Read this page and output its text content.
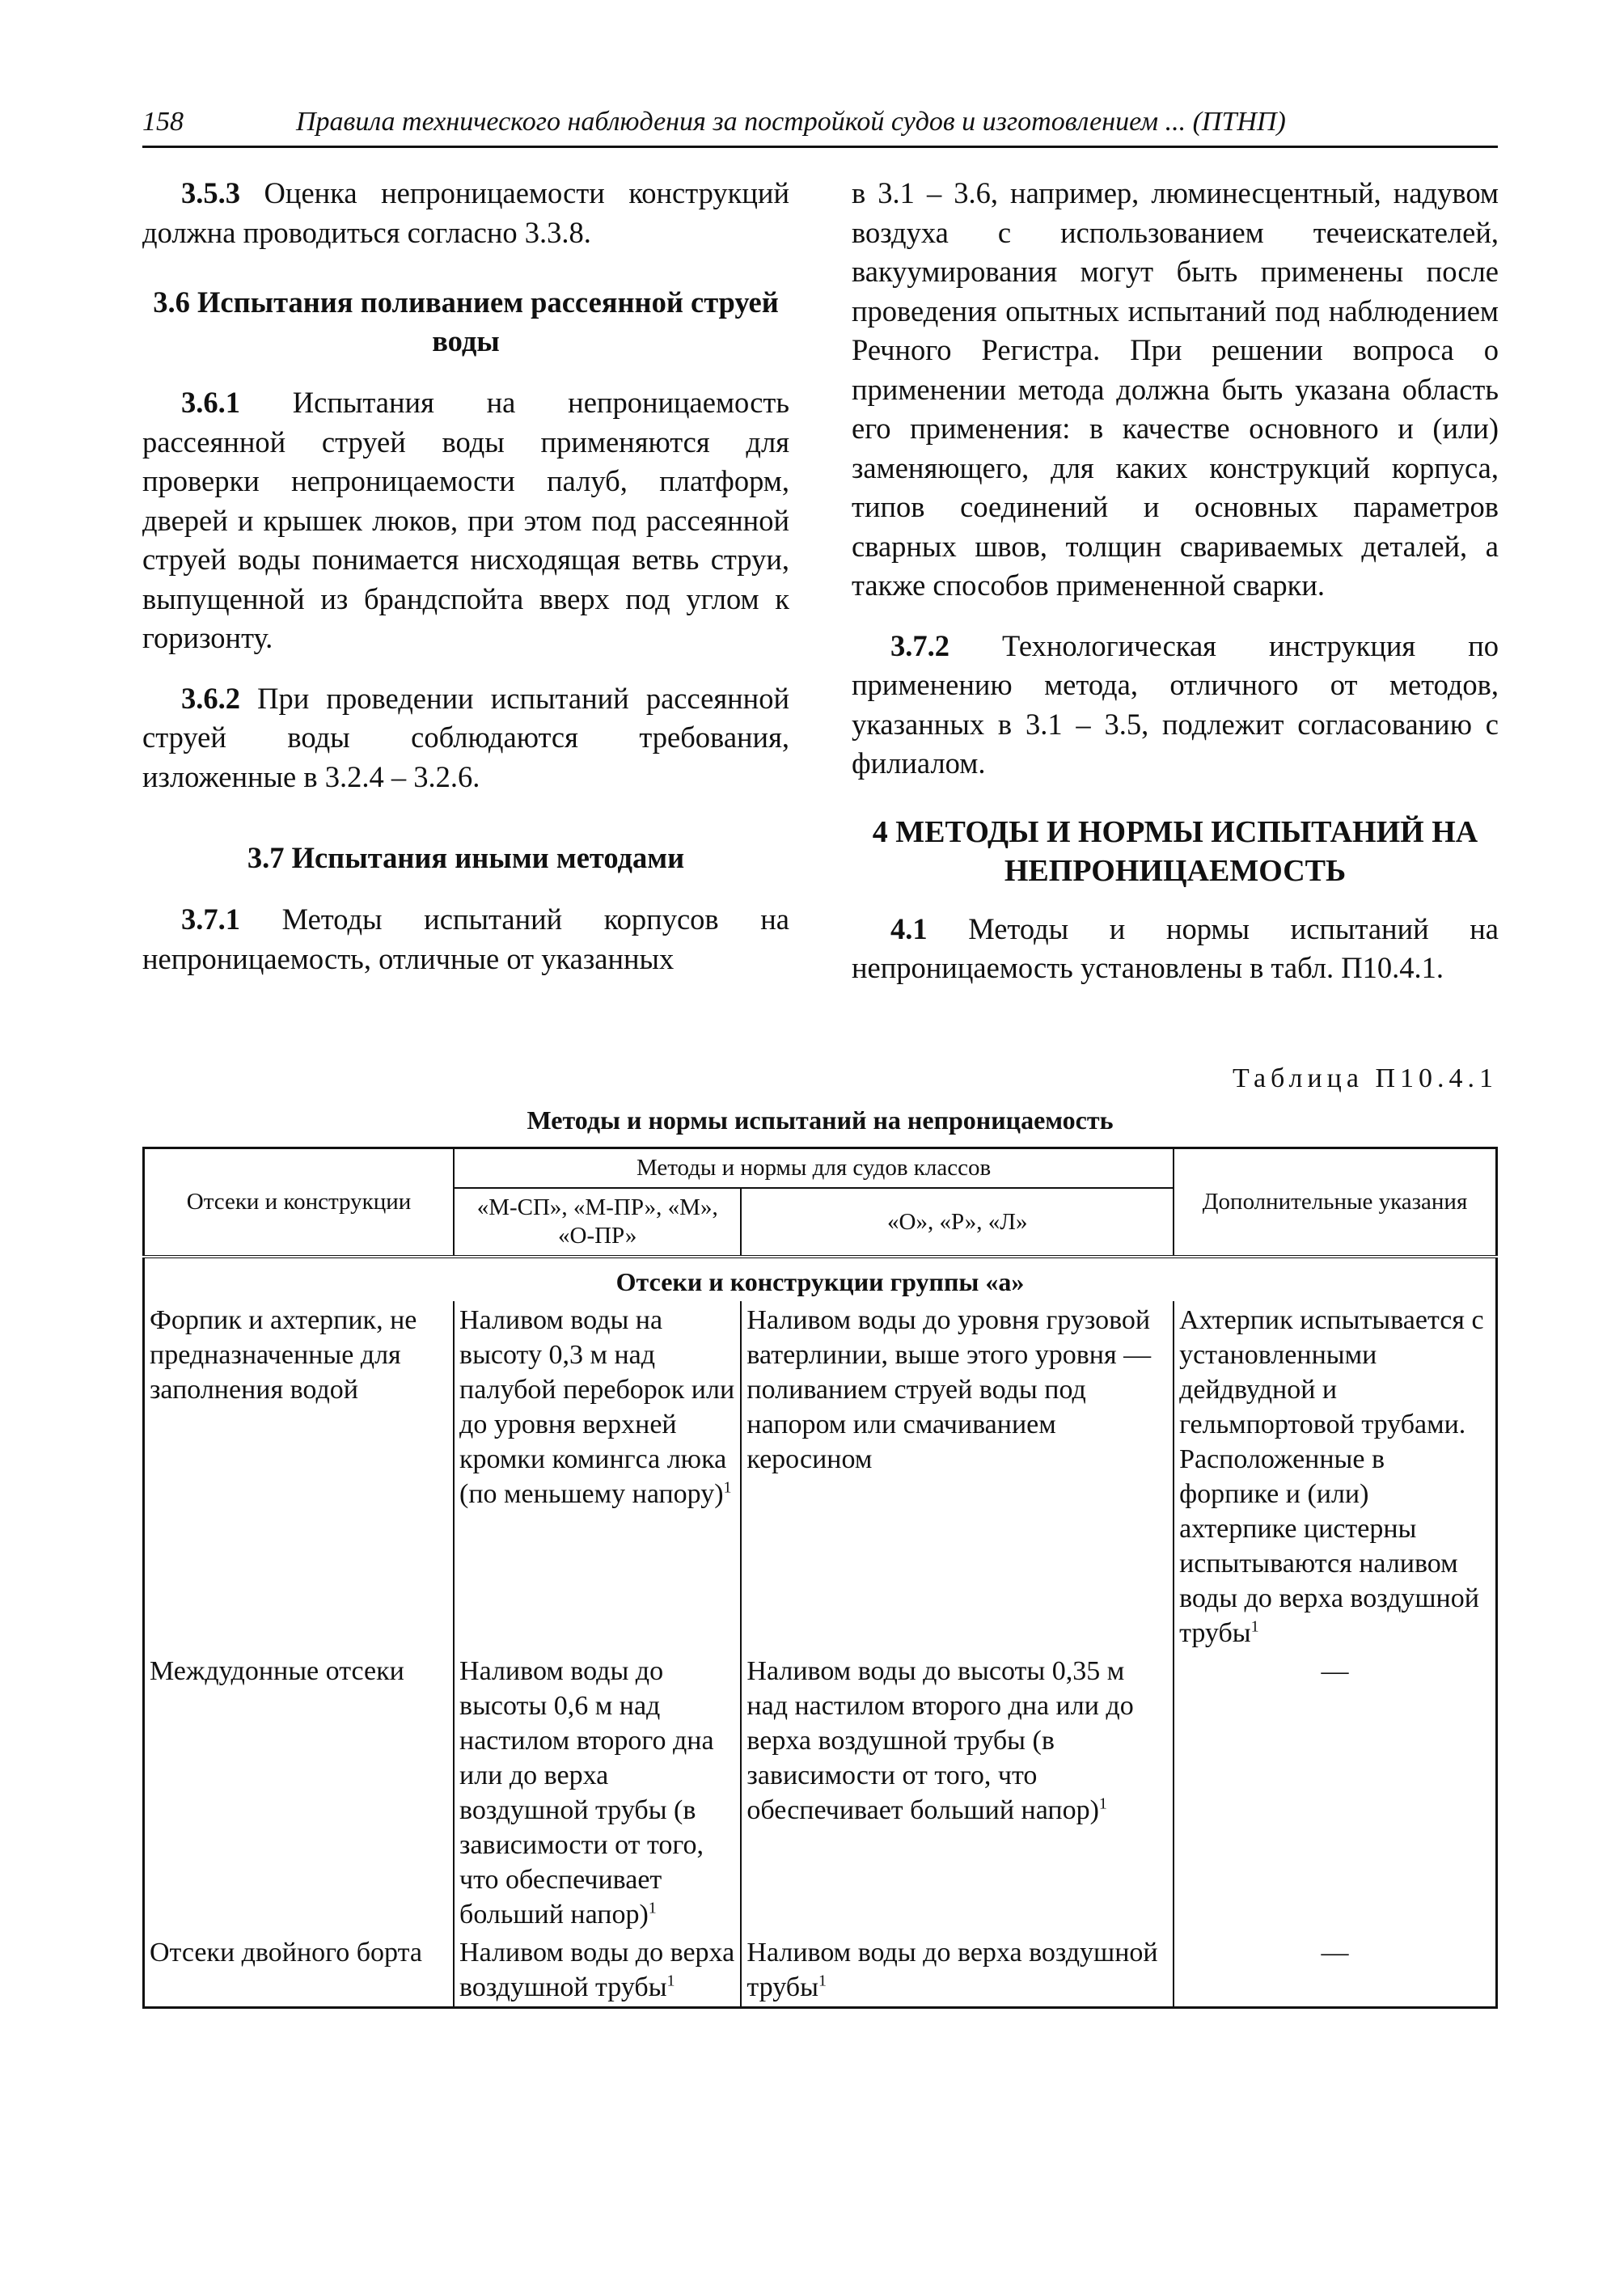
158	Правила технического наблюдения за постройкой судов и изготовлением ... (ПТНП)

3.5.3 Оценка непроницаемости конструкций должна проводиться согласно 3.3.8.

3.6 Испытания поливанием рассеянной струей воды

3.6.1 Испытания на непроницаемость рассеянной струей воды применяются для проверки непроницаемости палуб, платформ, дверей и крышек люков, при этом под рассеянной струей воды понимается нисходящая ветвь струи, выпущенной из брандспойта вверх под углом к горизонту.

3.6.2 При проведении испытаний рассеянной струей воды соблюдаются требования, изложенные в 3.2.4 – 3.2.6.

3.7 Испытания иными методами

3.7.1 Методы испытаний корпусов на непроницаемость, отличные от указанных

в 3.1 – 3.6, например, люминесцентный, надувом воздуха с использованием течеискателей, вакуумирования могут быть применены после проведения опытных испытаний под наблюдением Речного Регистра. При решении вопроса о применении метода должна быть указана область его применения: в качестве основного и (или) заменяющего, для каких конструкций корпуса, типов соединений и основных параметров сварных швов, толщин свариваемых деталей, а также способов примененной сварки.

3.7.2 Технологическая инструкция по применению метода, отличного от методов, указанных в 3.1 – 3.5, подлежит согласованию с филиалом.

4 МЕТОДЫ И НОРМЫ ИСПЫТАНИЙ НА НЕПРОНИЦАЕМОСТЬ

4.1 Методы и нормы испытаний на непроницаемость установлены в табл. П10.4.1.

Таблица П10.4.1
Методы и нормы испытаний на непроницаемость
Отсеки и конструкции	Методы и нормы для судов классов		Дополнительные указания
	«М-СП», «М-ПР», «М», «О-ПР»	«О», «Р», «Л»	
Отсеки и конструкции группы «а»			
Форпик и ахтерпик, не предназначенные для заполнения водой	Наливом воды на высоту 0,3 м над палубой переборок или до уровня верхней кромки комингса люка (по меньшему напору)$^1$	Наливом воды до уровня грузовой ватерлинии, выше этого уровня — поливанием струей воды под напором или смачиванием керосином	Ахтерпик испытывается с установленными дейдвудной и гельмпортовой трубами. Расположенные в форпике и (или) ахтерпике цистерны испытываются наливом воды до верха воздушной трубы$^1$
Междудонные отсеки	Наливом воды до высоты 0,6 м над настилом второго дна или до верха воздушной трубы (в зависимости от того, что обеспечивает больший напор)$^1$	Наливом воды до высоты 0,35 м над настилом второго дна или до верха воздушной трубы (в зависимости от того, что обеспечивает больший напор)$^1$	—
Отсеки двойного борта	Наливом воды до верха воздушной трубы$^1$	Наливом воды до верха воздушной трубы$^1$	—
